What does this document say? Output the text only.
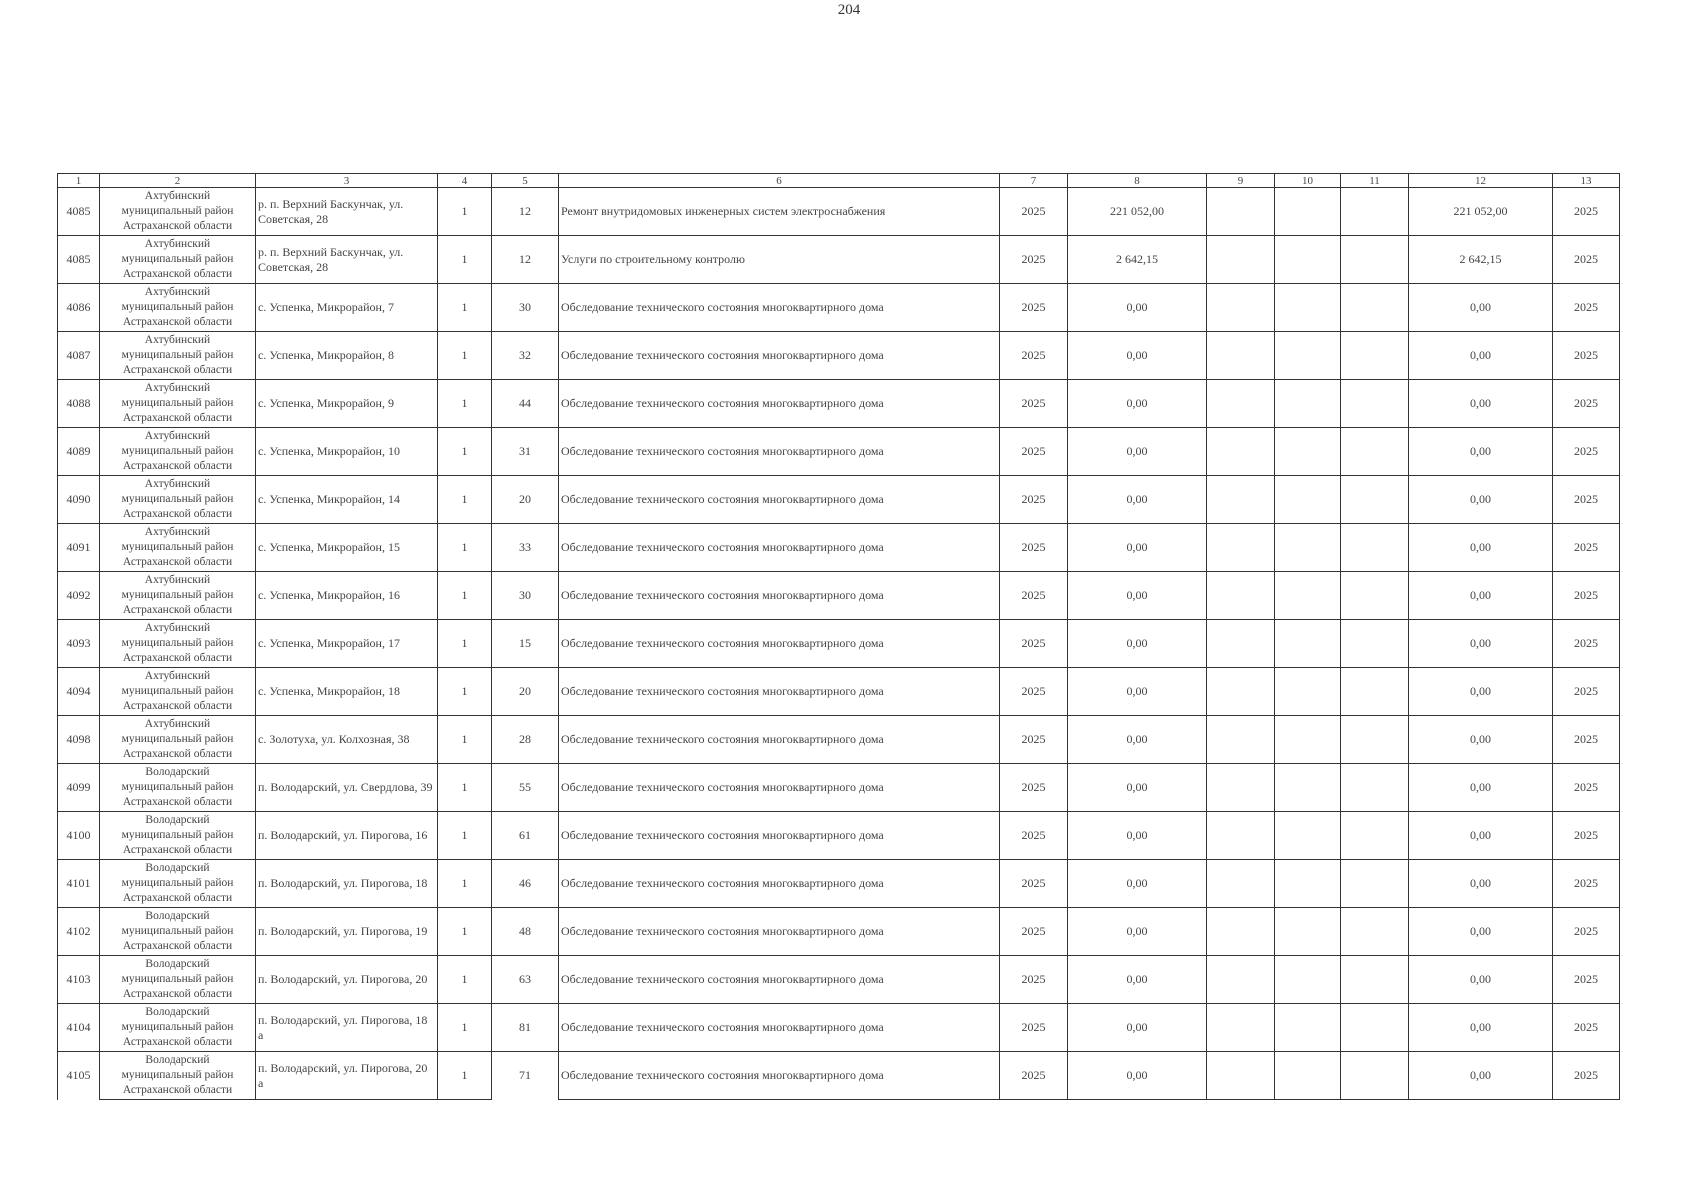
204
1	2	3	4	5	6	7	8	9	10	11	12	13
4085	Ахтубинский
муниципальный район
Астраханской области	р. п. Верхний Баскунчак, ул. Советская, 28	1	12	Ремонт внутридомовых инженерных систем электроснабжения	2025	221 052,00				221 052,00	2025
4085	Ахтубинский
муниципальный район
Астраханской области	р. п. Верхний Баскунчак, ул. Советская, 28	1	12	Услуги по строительному контролю	2025	2 642,15				2 642,15	2025
4086	Ахтубинский
муниципальный район
Астраханской области	с. Успенка, Микрорайон, 7	1	30	Обследование технического состояния многоквартирного дома	2025	0,00				0,00	2025
4087	Ахтубинский
муниципальный район
Астраханской области	с. Успенка, Микрорайон, 8	1	32	Обследование технического состояния многоквартирного дома	2025	0,00				0,00	2025
4088	Ахтубинский
муниципальный район
Астраханской области	с. Успенка, Микрорайон, 9	1	44	Обследование технического состояния многоквартирного дома	2025	0,00				0,00	2025
4089	Ахтубинский
муниципальный район
Астраханской области	с. Успенка, Микрорайон, 10	1	31	Обследование технического состояния многоквартирного дома	2025	0,00				0,00	2025
4090	Ахтубинский
муниципальный район
Астраханской области	с. Успенка, Микрорайон, 14	1	20	Обследование технического состояния многоквартирного дома	2025	0,00				0,00	2025
4091	Ахтубинский
муниципальный район
Астраханской области	с. Успенка, Микрорайон, 15	1	33	Обследование технического состояния многоквартирного дома	2025	0,00				0,00	2025
4092	Ахтубинский
муниципальный район
Астраханской области	с. Успенка, Микрорайон, 16	1	30	Обследование технического состояния многоквартирного дома	2025	0,00				0,00	2025
4093	Ахтубинский
муниципальный район
Астраханской области	с. Успенка, Микрорайон, 17	1	15	Обследование технического состояния многоквартирного дома	2025	0,00				0,00	2025
4094	Ахтубинский
муниципальный район
Астраханской области	с. Успенка, Микрорайон, 18	1	20	Обследование технического состояния многоквартирного дома	2025	0,00				0,00	2025
4098	Ахтубинский
муниципальный район
Астраханской области	с. Золотуха, ул. Колхозная, 38	1	28	Обследование технического состояния многоквартирного дома	2025	0,00				0,00	2025
4099	Володарский
муниципальный район
Астраханской области	п. Володарский, ул. Свердлова, 39	1	55	Обследование технического состояния многоквартирного дома	2025	0,00				0,00	2025
4100	Володарский
муниципальный район
Астраханской области	п. Володарский, ул. Пирогова, 16	1	61	Обследование технического состояния многоквартирного дома	2025	0,00				0,00	2025
4101	Володарский
муниципальный район
Астраханской области	п. Володарский, ул. Пирогова, 18	1	46	Обследование технического состояния многоквартирного дома	2025	0,00				0,00	2025
4102	Володарский
муниципальный район
Астраханской области	п. Володарский, ул. Пирогова, 19	1	48	Обследование технического состояния многоквартирного дома	2025	0,00				0,00	2025
4103	Володарский
муниципальный район
Астраханской области	п. Володарский, ул. Пирогова, 20	1	63	Обследование технического состояния многоквартирного дома	2025	0,00				0,00	2025
4104	Володарский
муниципальный район
Астраханской области	п. Володарский, ул. Пирогова, 18 а	1	81	Обследование технического состояния многоквартирного дома	2025	0,00				0,00	2025
4105	Володарский
муниципальный район
Астраханской области	п. Володарский, ул. Пирогова, 20 а	1	71	Обследование технического состояния многоквартирного дома	2025	0,00				0,00	2025
